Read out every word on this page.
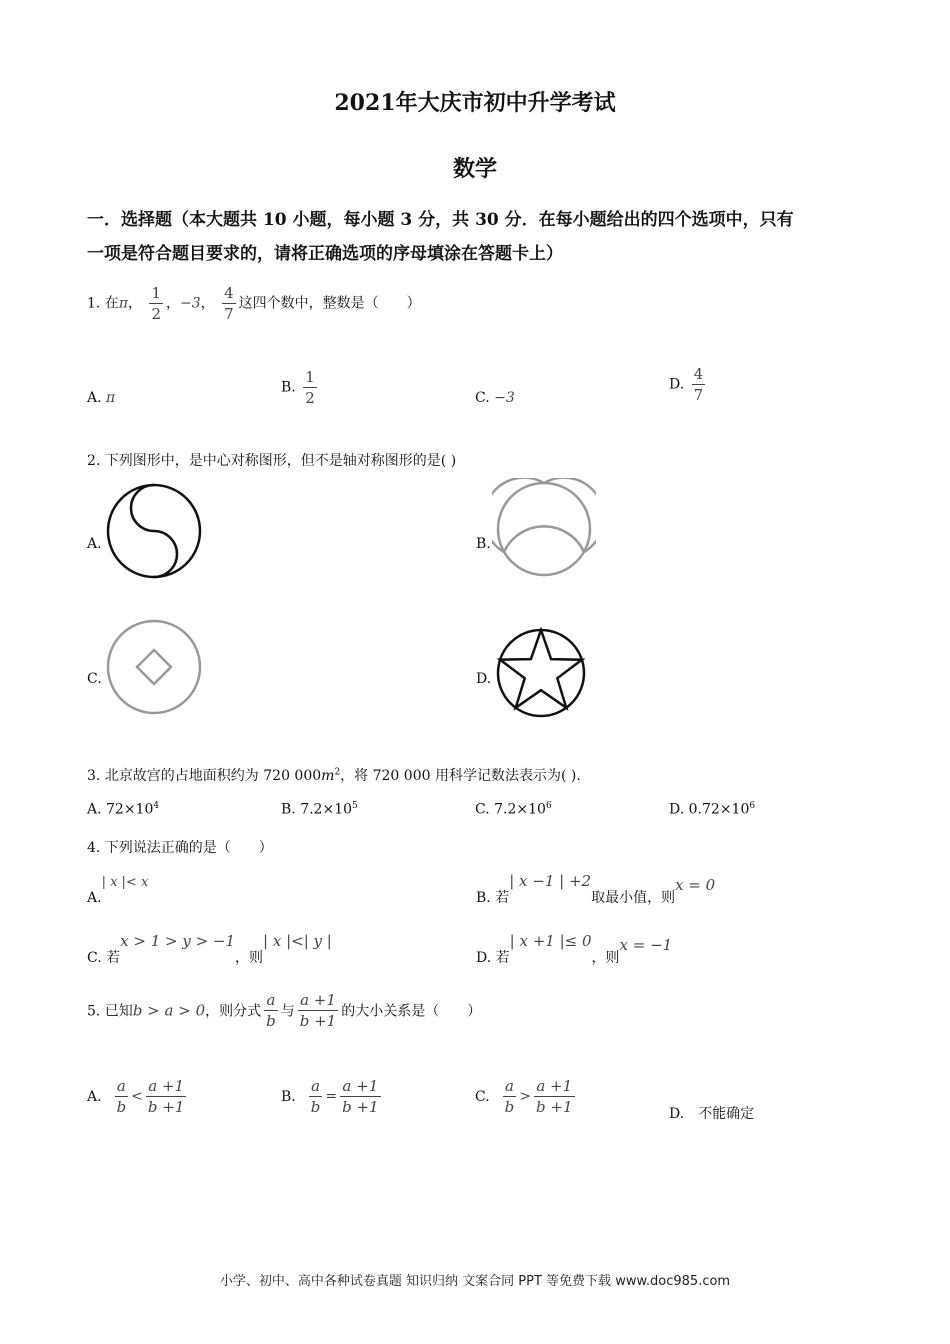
2021年大庆市初中升学考试
数学
一．选择题（本大题共 10 小题，每小题 3 分，共 30 分．在每小题给出的四个选项中，只有
一项是符合题目要求的，请将正确选项的序母填涂在答题卡上）
1. 在π， $\frac{1}{2}$ ，−3， $\frac{4}{7}$ 这四个数中，整数是（　　）
A. π
B. $\frac{1}{2}$	C. −3
D. $\frac{4}{7}$
2. 下列图形中，是中心对称图形，但不是轴对称图形的是( )
A.	B.
C.	D.
3. 北京故宫的占地面积约为 720 $000m^2$，将 720 000 用科学记数法表示为( ).
A. $72\times 10^4$	B. $7.2\times 10^5$	C. $7.2\times 10^6$	D. $0.72\times 10^6$
4. 下列说法正确的是（　　）
A.| x |< x
B. 若| x −1 | +2取最小值，则x = 0
C. 若x > 1 > y > −1，则| x |<| y |
D. 若| x +1 |≤ 0，则x = −1
5. 已知b > a > 0，则分式 $\frac{a}{b}$ 与 $\frac{a +1}{b +1}$ 的大小关系是（　　）
A. $\frac{a}{b} < \frac{a +1}{b +1}$	B. $\frac{a}{b} = \frac{a +1}{b +1}$	C. $\frac{a}{b} > \frac{a +1}{b +1}$	D. 不能确定
小学、初中、高中各种试卷真题 知识归纳 文案合同 PPT 等免费下载 www.doc985.com
